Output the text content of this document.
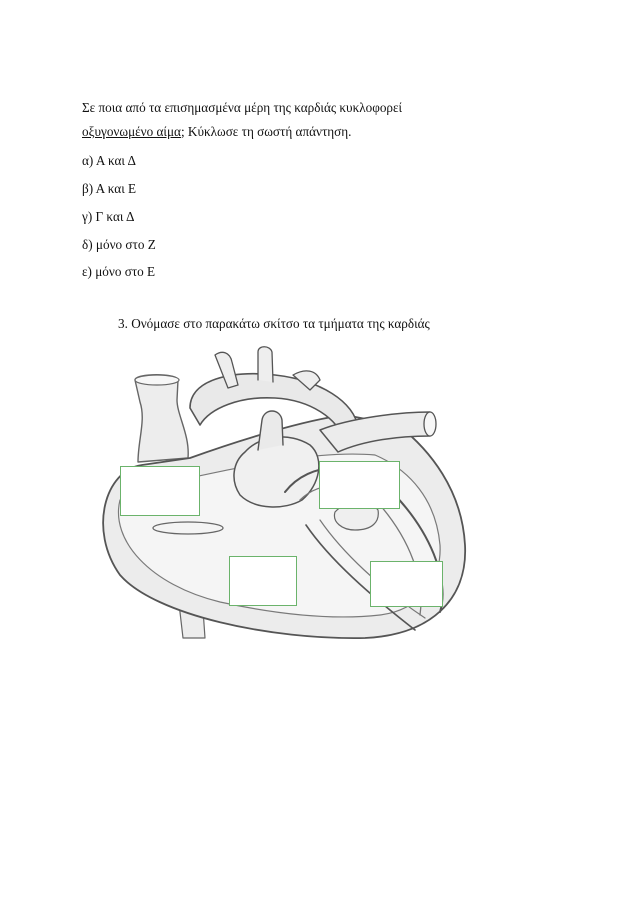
Σε ποια από τα επισημασμένα μέρη της καρδιάς κυκλοφορεί
οξυγονωμένο αίμα; Κύκλωσε τη σωστή απάντηση.
α) Α και Δ
β) Α και Ε
γ) Γ και Δ
δ) μόνο στο Ζ
ε) μόνο στο Ε
3. Ονόμασε στο παρακάτω σκίτσο τα τμήματα της καρδιάς
